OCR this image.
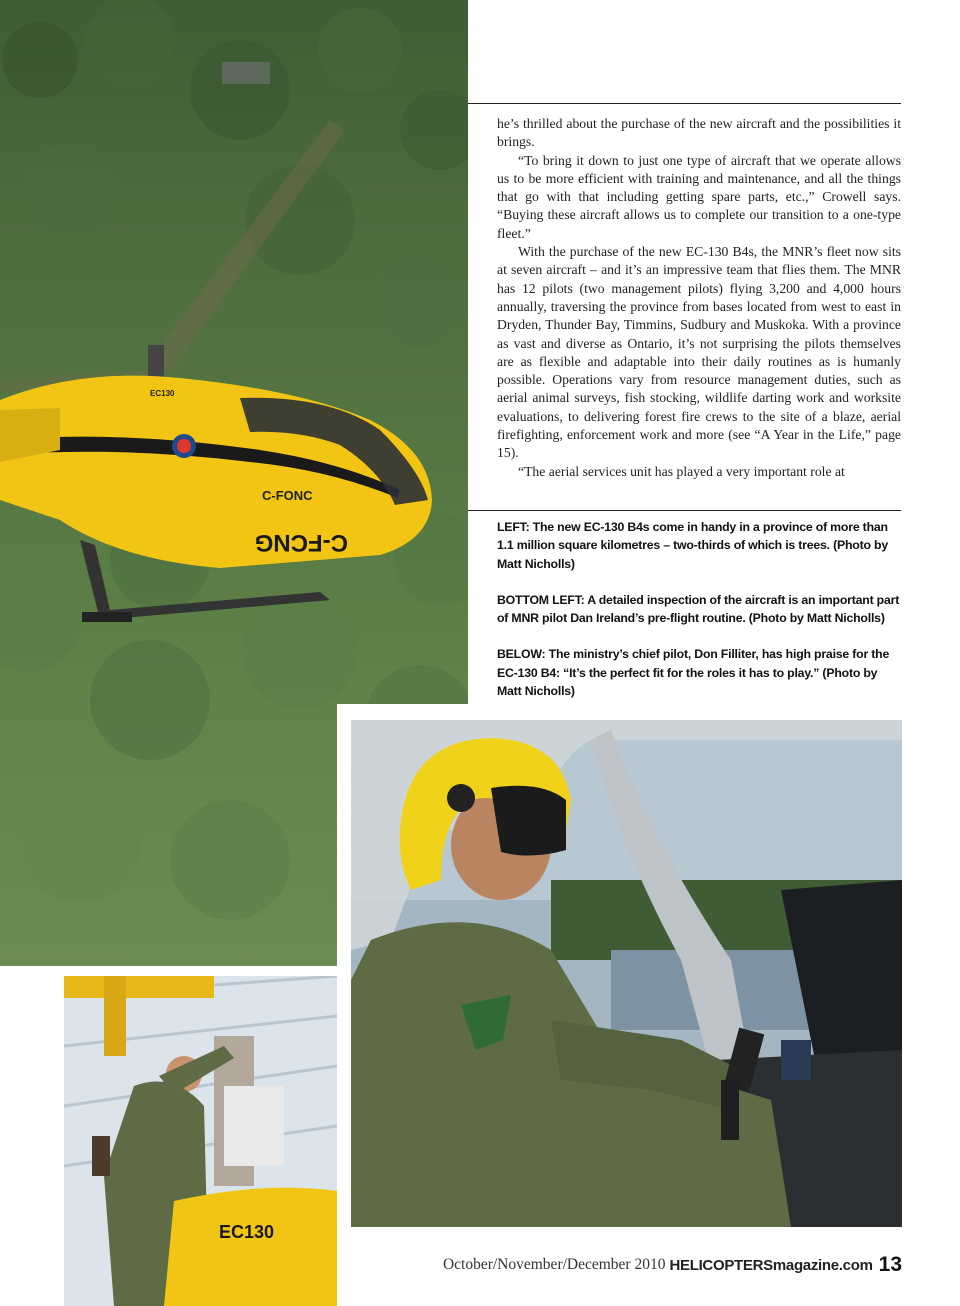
C-FONC
C-FCNG
EC130
EC130

he’s thrilled about the purchase of the new aircraft and the possibilities it brings.

“To bring it down to just one type of aircraft that we operate allows us to be more efficient with training and maintenance, and all the things that go with that including getting spare parts, etc.,” Crowell says. “Buying these aircraft allows us to complete our transition to a one-type fleet.”

With the purchase of the new EC-130 B4s, the MNR’s fleet now sits at seven aircraft – and it’s an impressive team that flies them. The MNR has 12 pilots (two management pilots) flying 3,200 and 4,000 hours annually, traversing the province from bases located from west to east in Dryden, Thunder Bay, Timmins, Sudbury and Muskoka. With a province as vast and diverse as Ontario, it’s not surprising the pilots themselves are as flexible and adaptable into their daily routines as is humanly possible. Operations vary from resource management duties, such as aerial animal surveys, fish stocking, wildlife darting work and worksite evaluations, to delivering forest fire crews to the site of a blaze, aerial firefighting, enforcement work and more (see “A Year in the Life,” page 15).

“The aerial services unit has played a very important role at

LEFT: The new EC-130 B4s come in handy in a province of more than 1.1 million square kilometres – two-thirds of which is trees. (Photo by Matt Nicholls)

BOTTOM LEFT: A detailed inspection of the aircraft is an important part of MNR pilot Dan Ireland’s pre-flight routine. (Photo by Matt Nicholls)

BELOW: The ministry’s chief pilot, Don Filliter, has high praise for the EC-130 B4: “It’s the perfect fit for the roles it has to play.” (Photo by Matt Nicholls)

October/November/December 2010 HELICOPTERS magazine.com 13
